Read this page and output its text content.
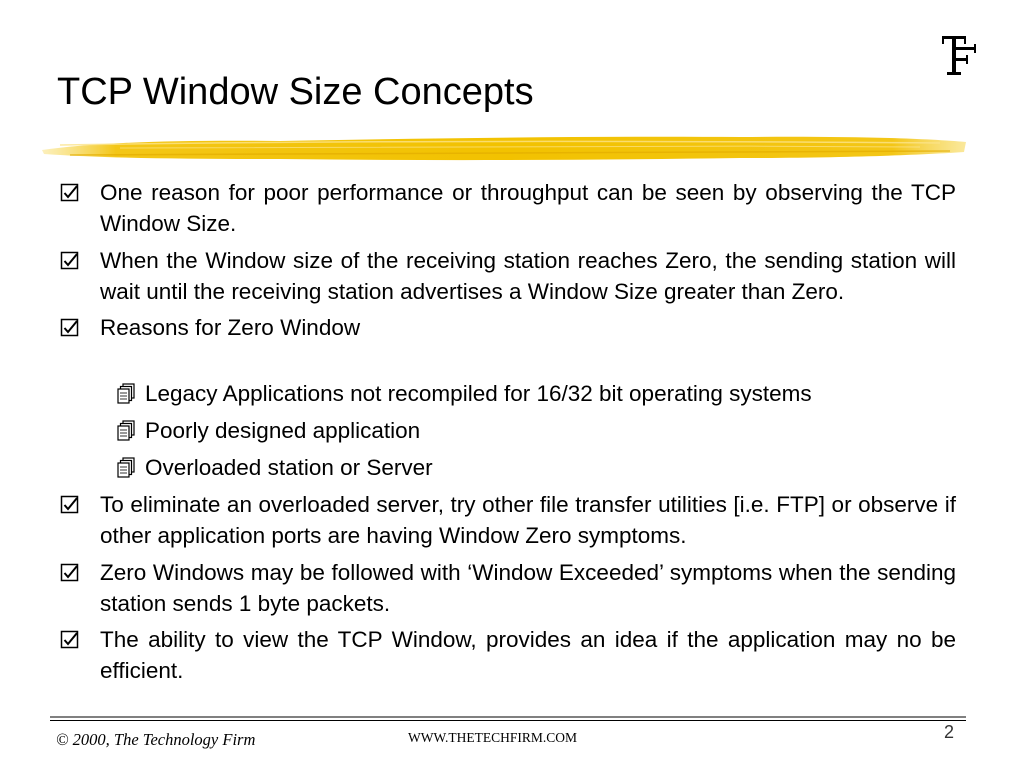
TCP Window Size Concepts
One reason for poor performance or throughput can be seen by observing the TCP Window Size.
When the Window size of the receiving station reaches Zero, the sending station will wait until the receiving station advertises a Window Size greater than Zero.
Reasons for Zero Window
Legacy Applications not recompiled for 16/32 bit operating systems
Poorly designed application
Overloaded station or Server
To eliminate an overloaded server, try other file transfer utilities [i.e. FTP] or observe if other application ports are having Window Zero symptoms.
Zero Windows may be followed with ‘Window Exceeded’ symptoms when the sending station sends 1 byte packets.
The ability to view the TCP Window, provides an idea if the application may no be efficient.
© 2000, The Technology Firm	WWW.THETECHFIRM.COM	2
